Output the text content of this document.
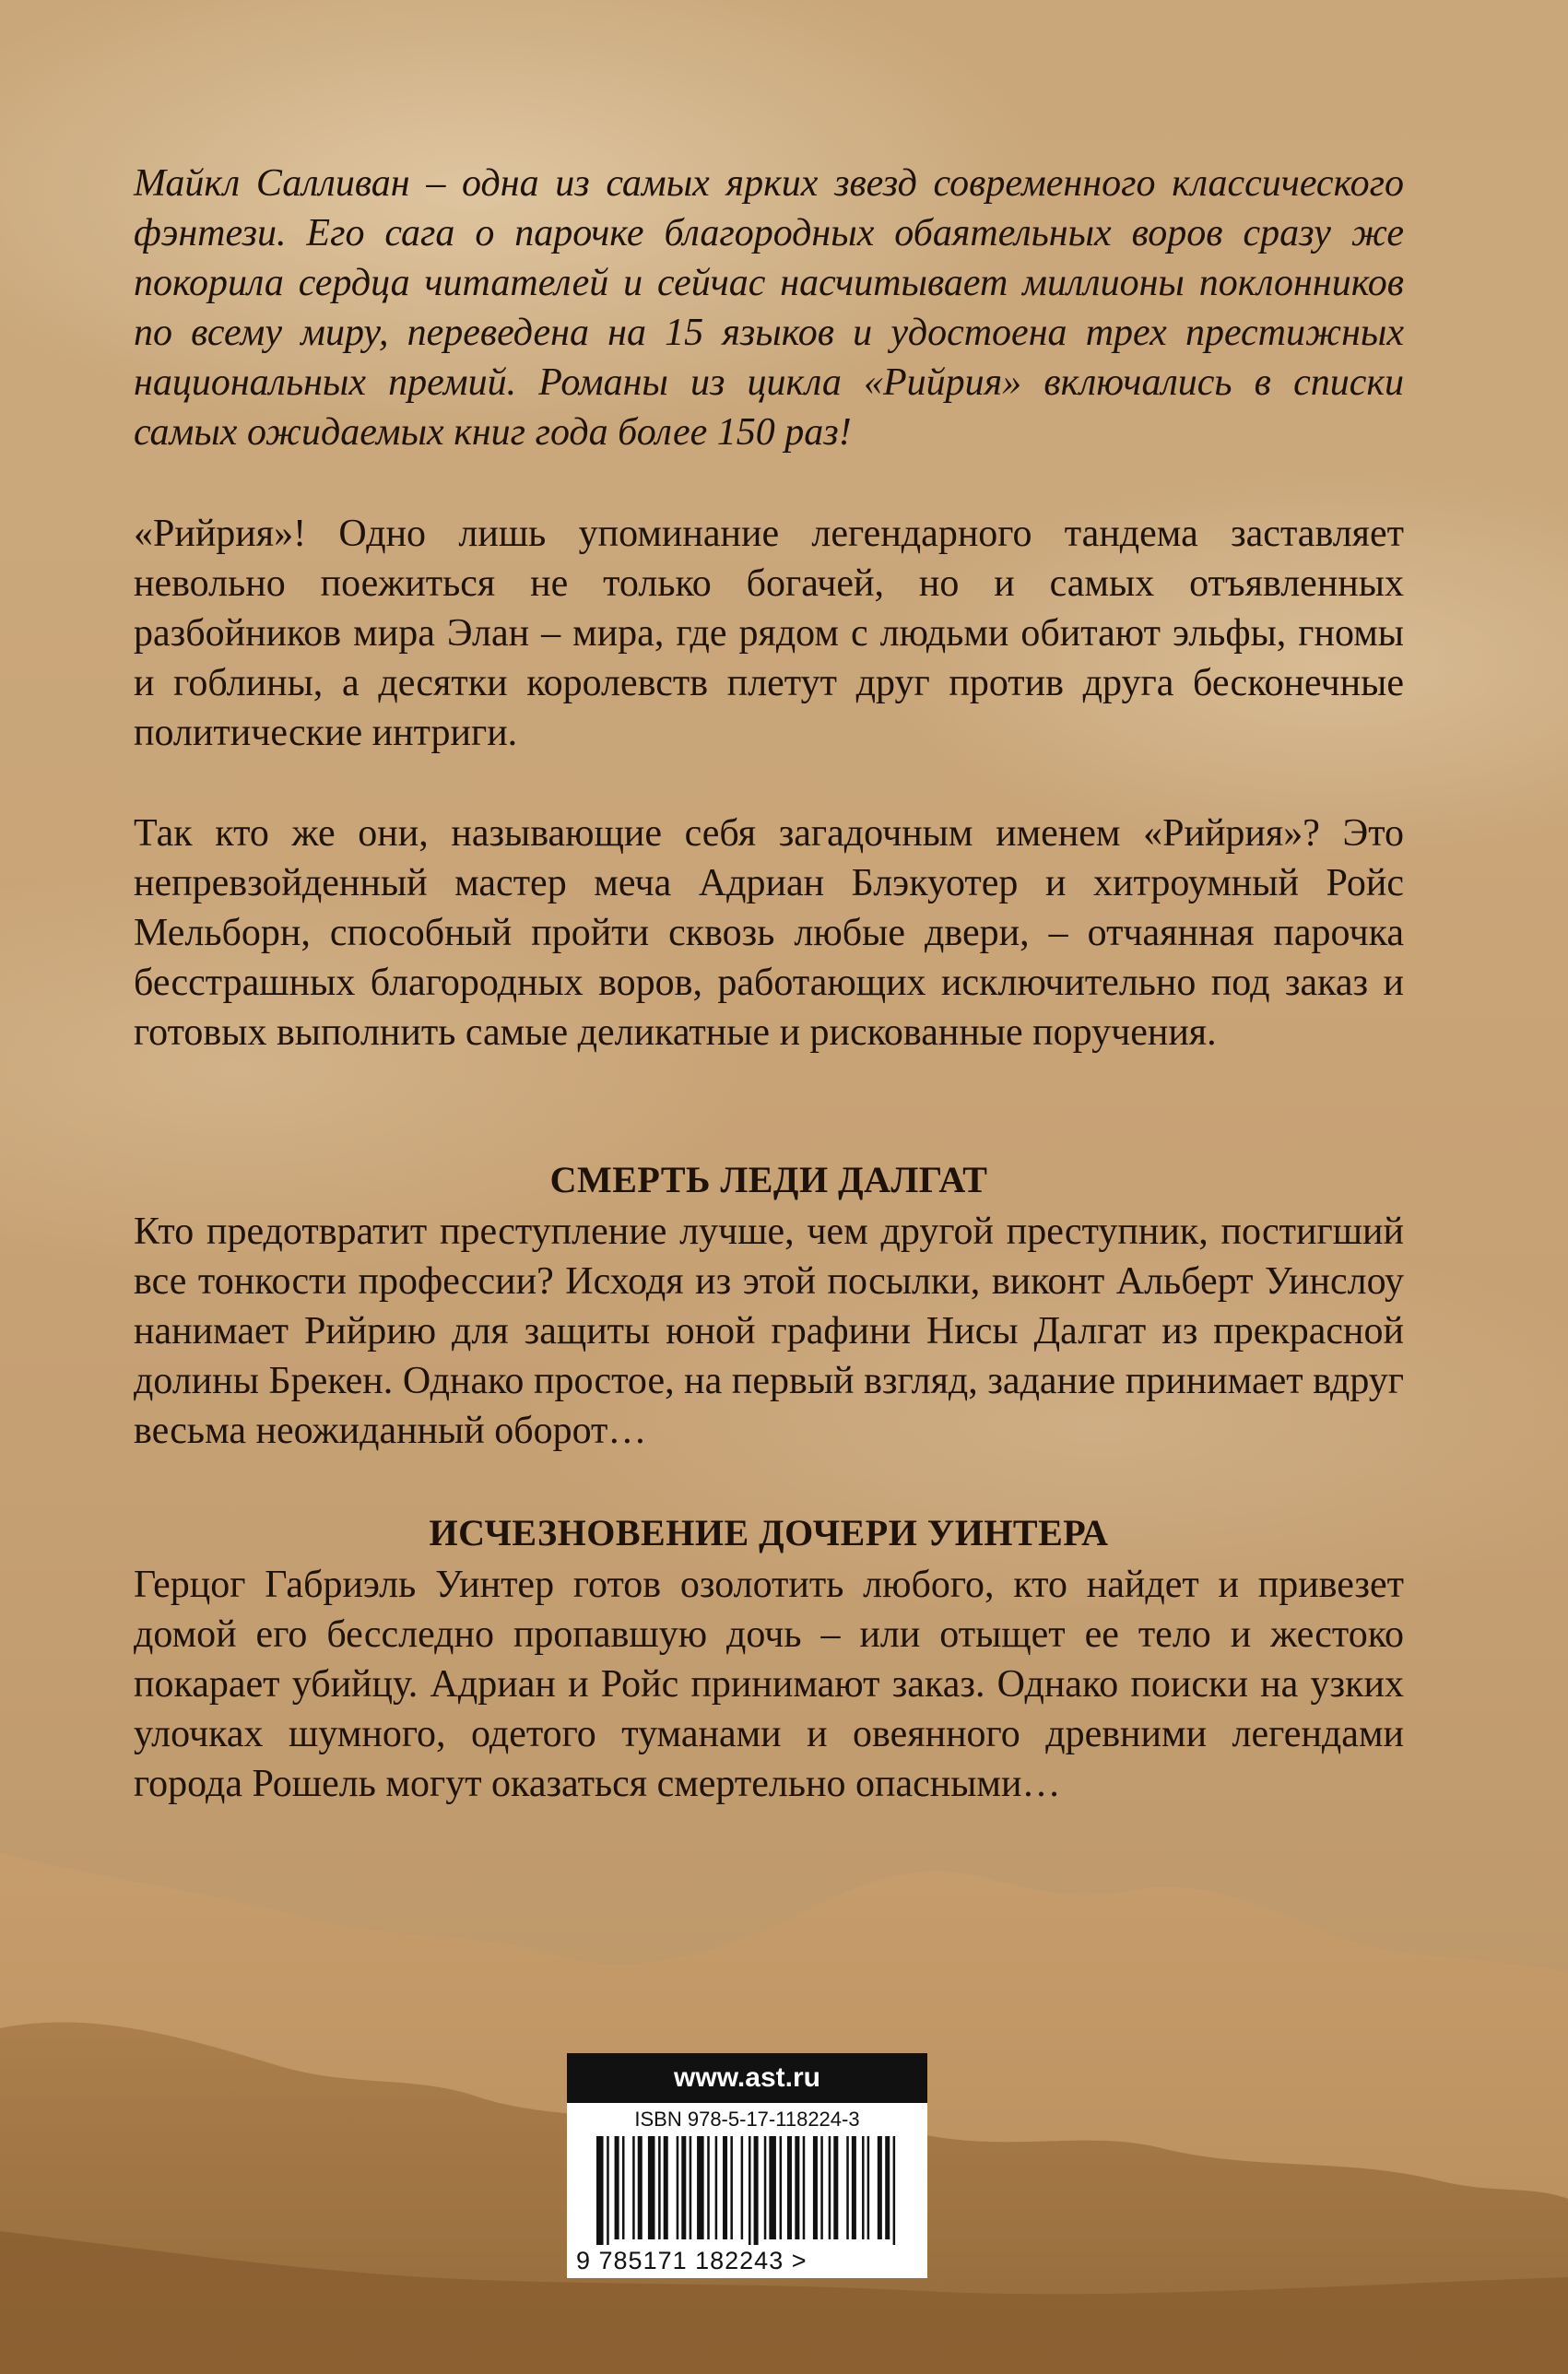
Майкл Салливан – одна из самых ярких звезд современного классического фэнтези. Его сага о парочке благородных обаятельных воров сразу же покорила сердца читателей и сейчас насчитывает миллионы поклонников по всему миру, переведена на 15 языков и удостоена трех престижных национальных премий. Романы из цикла «Рийрия» включались в списки самых ожидаемых книг года более 150 раз!

«Рийрия»! Одно лишь упоминание легендарного тандема заставляет невольно поежиться не только богачей, но и самых отъявленных разбойников мира Элан – мира, где рядом с людьми обитают эльфы, гномы и гоблины, а десятки королевств плетут друг против друга бесконечные политические интриги.

Так кто же они, называющие себя загадочным именем «Рийрия»? Это непревзойденный мастер меча Адриан Блэкуотер и хитроумный Ройс Мельборн, способный пройти сквозь любые двери, – отчаянная парочка бесстрашных благородных воров, работающих исключительно под заказ и готовых выполнить самые деликатные и рискованные поручения.

СМЕРТЬ ЛЕДИ ДАЛГАТ

Кто предотвратит преступление лучше, чем другой преступник, постигший все тонкости профессии? Исходя из этой посылки, виконт Альберт Уинслоу нанимает Рийрию для защиты юной графини Нисы Далгат из прекрасной долины Брекен. Однако простое, на первый взгляд, задание принимает вдруг весьма неожиданный оборот…

ИСЧЕЗНОВЕНИЕ ДОЧЕРИ УИНТЕРА

Герцог Габриэль Уинтер готов озолотить любого, кто найдет и привезет домой его бесследно пропавшую дочь – или отыщет ее тело и жестоко покарает убийцу. Адриан и Ройс принимают заказ. Однако поиски на узких улочках шумного, одетого туманами и овеянного древними легендами города Рошель могут оказаться смертельно опасными…

www.ast.ru
ISBN 978-5-17-118224-3
9 785171 182243 >
